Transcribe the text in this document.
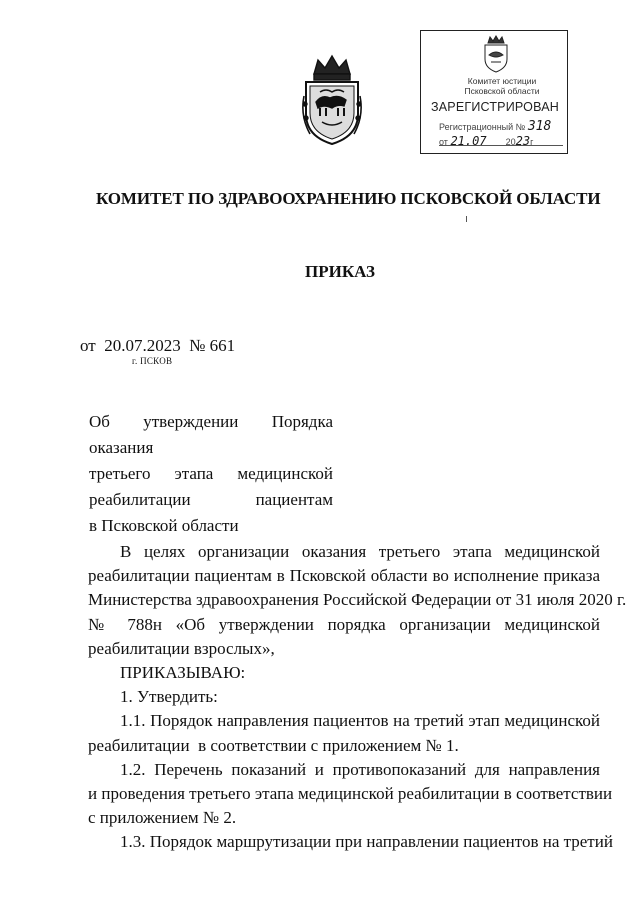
Комитет юстиции
Псковской области
ЗАРЕГИСТРИРОВАН
Регистрационный № 318
от 21.07 2023г
КОМИТЕТ ПО ЗДРАВООХРАНЕНИЮ ПСКОВСКОЙ ОБЛАСТИ
ПРИКАЗ
от  20.07.2023  № 661
г. ПСКОВ
Об утверждении Порядка оказания
третьего этапа медицинской
реабилитации пациентам
в Псковской области

В целях организации оказания третьего этапа медицинской
реабилитации пациентам в Псковской области во исполнение приказа
Министерства здравоохранения Российской Федерации от 31 июля 2020 г.
№ 788н «Об утверждении порядка организации медицинской
реабилитации взрослых»,

ПРИКАЗЫВАЮ:

1. Утвердить:

1.1. Порядок направления пациентов на третий этап медицинской
реабилитации  в соответствии с приложением № 1.

1.2. Перечень показаний и противопоказаний для направления
и проведения третьего этапа медицинской реабилитации в соответствии
с приложением № 2.

1.3. Порядок маршрутизации при направлении пациентов на третий
